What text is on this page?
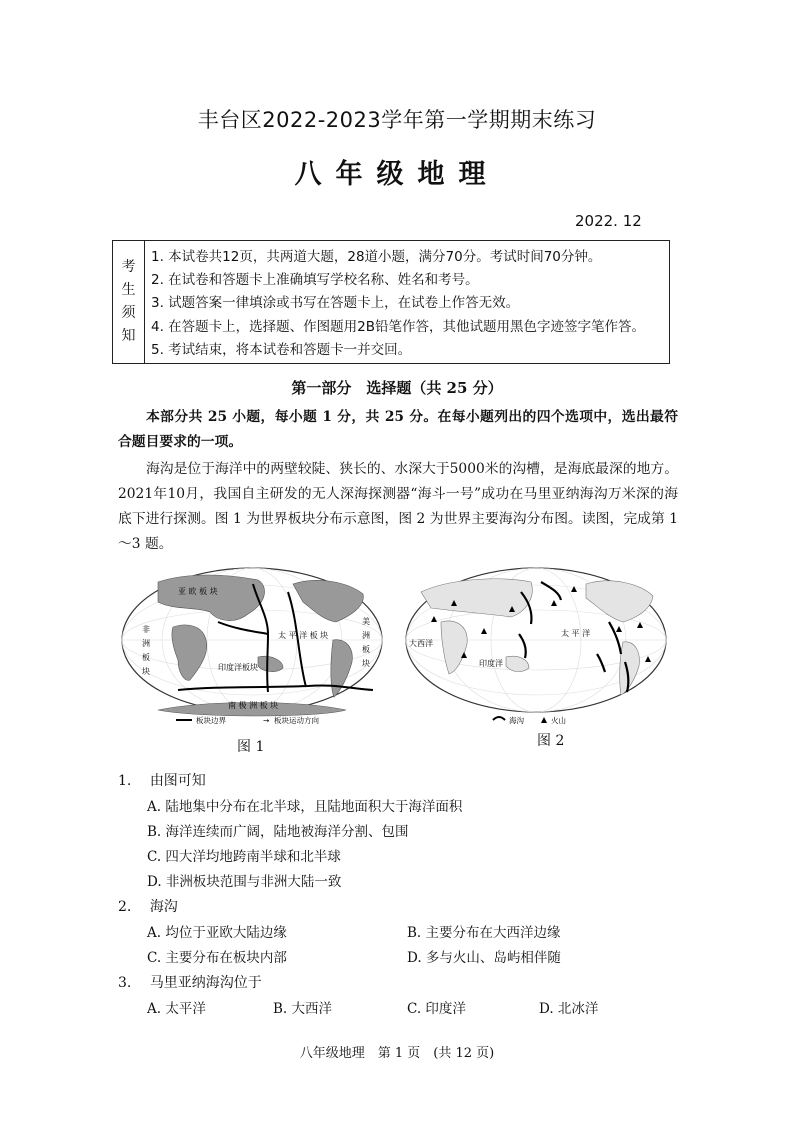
丰台区2022-2023学年第一学期期末练习
八年级地理
2022. 12
考
生
须
知
1. 本试卷共12页，共两道大题，28道小题，满分70分。考试时间70分钟。
2. 在试卷和答题卡上准确填写学校名称、姓名和考号。
3. 试题答案一律填涂或书写在答题卡上，在试卷上作答无效。
4. 在答题卡上，选择题、作图题用2B铅笔作答，其他试题用黑色字迹签字笔作答。
5. 考试结束，将本试卷和答题卡一并交回。
第一部分　选择题（共 25 分）
本部分共 25 小题，每小题 1 分，共 25 分。在每小题列出的四个选项中，选出最符合题目要求的一项。
海沟是位于海洋中的两壁较陡、狭长的、水深大于5000米的沟槽，是海底最深的地方。2021年10月，我国自主研发的无人深海探测器“海斗一号”成功在马里亚纳海沟万米深的海底下进行探测。图 1 为世界板块分布示意图，图 2 为世界主要海沟分布图。读图，完成第 1～3 题。
亚 欧 板 块
太 平 洋 板 块
印度洋板块
南 极 洲 板 块
非
洲
板
块
美
洲
板
块
板块边界	→ 板块运动方向
图 1
太 平 洋
印度洋
大西洋
海沟	火山
图 2
1. 由图可知
A. 陆地集中分布在北半球，且陆地面积大于海洋面积
B. 海洋连续而广阔，陆地被海洋分割、包围
C. 四大洋均地跨南半球和北半球
D. 非洲板块范围与非洲大陆一致
2. 海沟
A. 均位于亚欧大陆边缘	B. 主要分布在大西洋边缘
C. 主要分布在板块内部	D. 多与火山、岛屿相伴随
3. 马里亚纳海沟位于
A. 太平洋	B. 大西洋	C. 印度洋	D. 北冰洋
八年级地理　第 1 页　(共 12 页)
